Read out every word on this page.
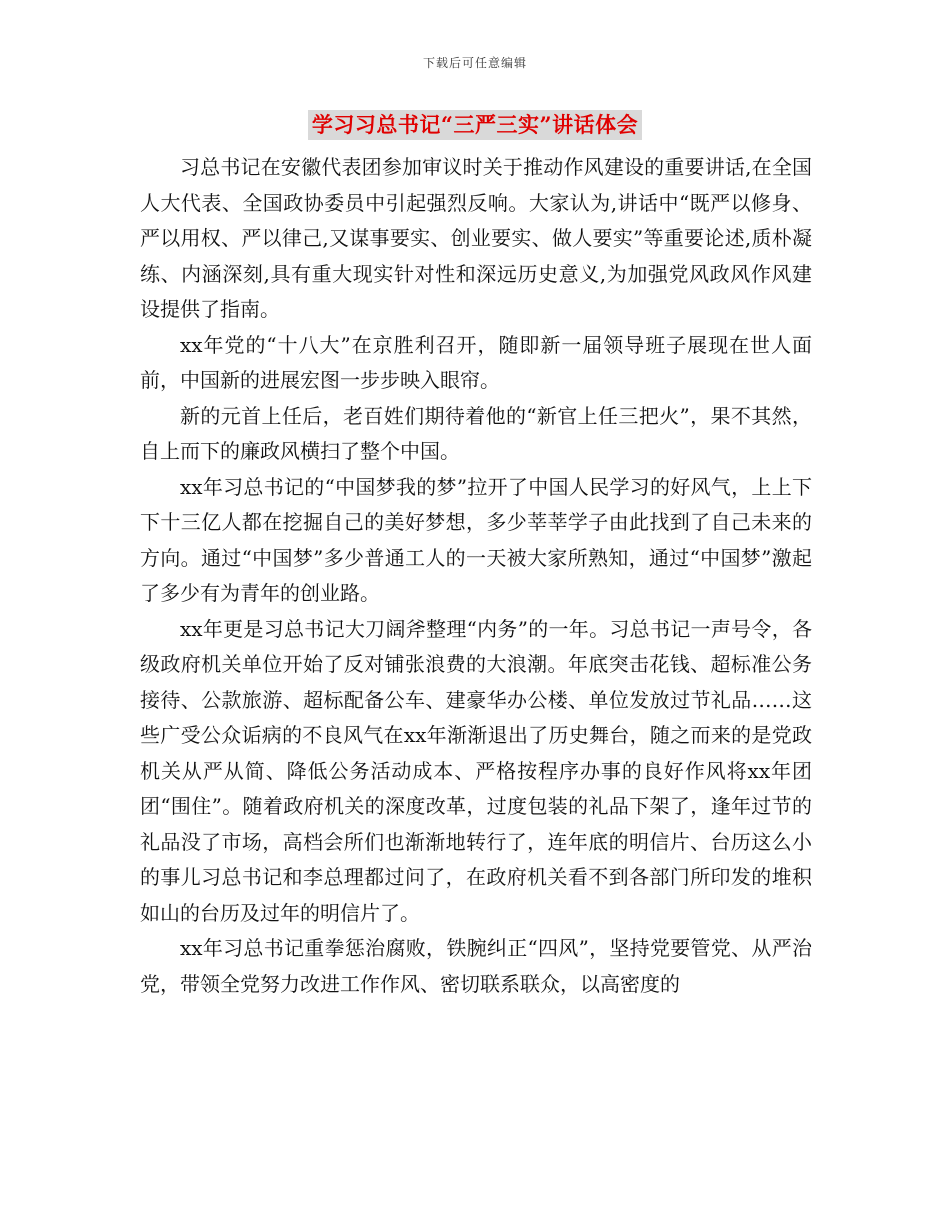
下载后可任意编辑
学习习总书记“三严三实”讲话体会

习总书记在安徽代表团参加审议时关于推动作风建设的重要讲话,在全国人大代表、全国政协委员中引起强烈反响。大家认为,讲话中“既严以修身、严以用权、严以律己,又谋事要实、创业要实、做人要实”等重要论述,质朴凝练、内涵深刻,具有重大现实针对性和深远历史意义,为加强党风政风作风建设提供了指南。

xx年党的“十八大”在京胜利召开，随即新一届领导班子展现在世人面前，中国新的进展宏图一步步映入眼帘。

新的元首上任后，老百姓们期待着他的“新官上任三把火”，果不其然，自上而下的廉政风横扫了整个中国。

xx年习总书记的“中国梦我的梦”拉开了中国人民学习的好风气，上上下下十三亿人都在挖掘自己的美好梦想，多少莘莘学子由此找到了自己未来的方向。通过“中国梦”多少普通工人的一天被大家所熟知，通过“中国梦”激起了多少有为青年的创业路。

xx年更是习总书记大刀阔斧整理“内务”的一年。习总书记一声号令，各级政府机关单位开始了反对铺张浪费的大浪潮。年底突击花钱、超标准公务接待、公款旅游、超标配备公车、建豪华办公楼、单位发放过节礼品……这些广受公众诟病的不良风气在xx年渐渐退出了历史舞台，随之而来的是党政机关从严从简、降低公务活动成本、严格按程序办事的良好作风将xx年团团“围住”。随着政府机关的深度改革，过度包装的礼品下架了，逢年过节的礼品没了市场，高档会所们也渐渐地转行了，连年底的明信片、台历这么小的事儿习总书记和李总理都过问了，在政府机关看不到各部门所印发的堆积如山的台历及过年的明信片了。

xx年习总书记重拳惩治腐败，铁腕纠正“四风”，坚持党要管党、从严治党，带领全党努力改进工作作风、密切联系联众，以高密度的
